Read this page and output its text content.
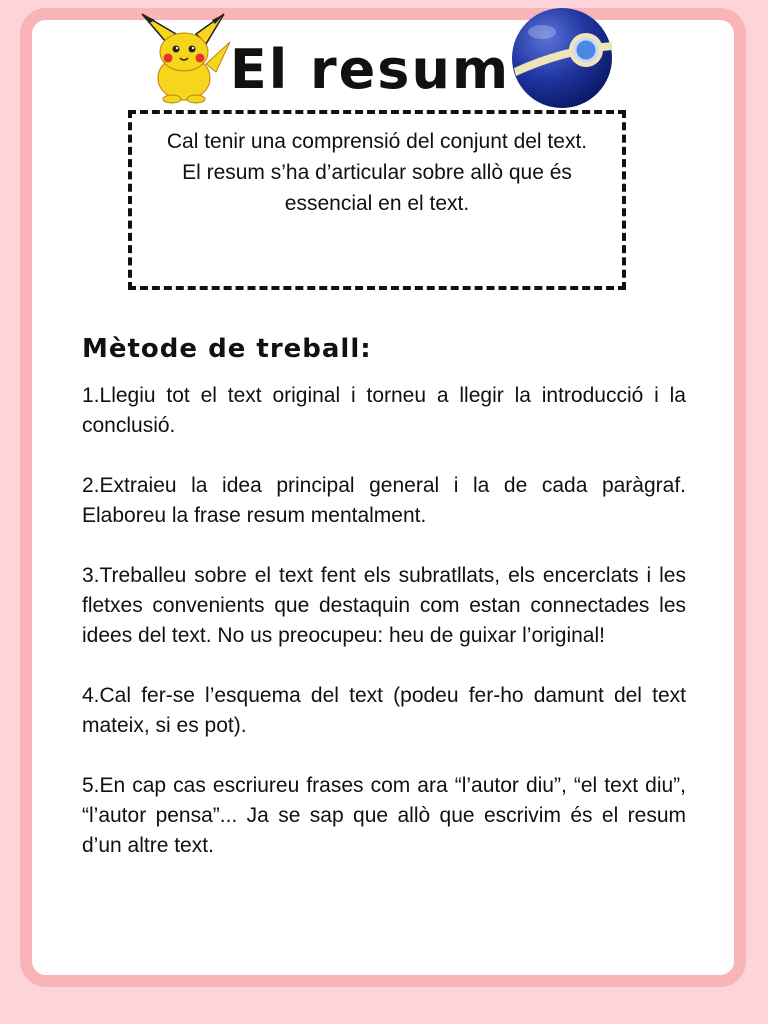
El resum
Cal tenir una comprensió del conjunt del text.
El resum s’ha d’articular sobre allò que és
essencial en el text.
Mètode de treball:

1.Llegiu tot el text original i torneu a llegir la introducció i la conclusió.

2.Extraieu la idea principal general i la de cada paràgraf. Elaboreu la frase resum mentalment.

3.Treballeu sobre el text fent els subratllats, els encerclats i les fletxes convenients que destaquin com estan connectades les idees del text. No us preocupeu: heu de guixar l’original!

4.Cal fer-se l’esquema del text (podeu fer-ho damunt del text mateix, si es pot).

5.En cap cas escriureu frases com ara “l’autor diu”, “el text diu”, “l’autor pensa”... Ja se sap que allò que escrivim és el resum d’un altre text.
